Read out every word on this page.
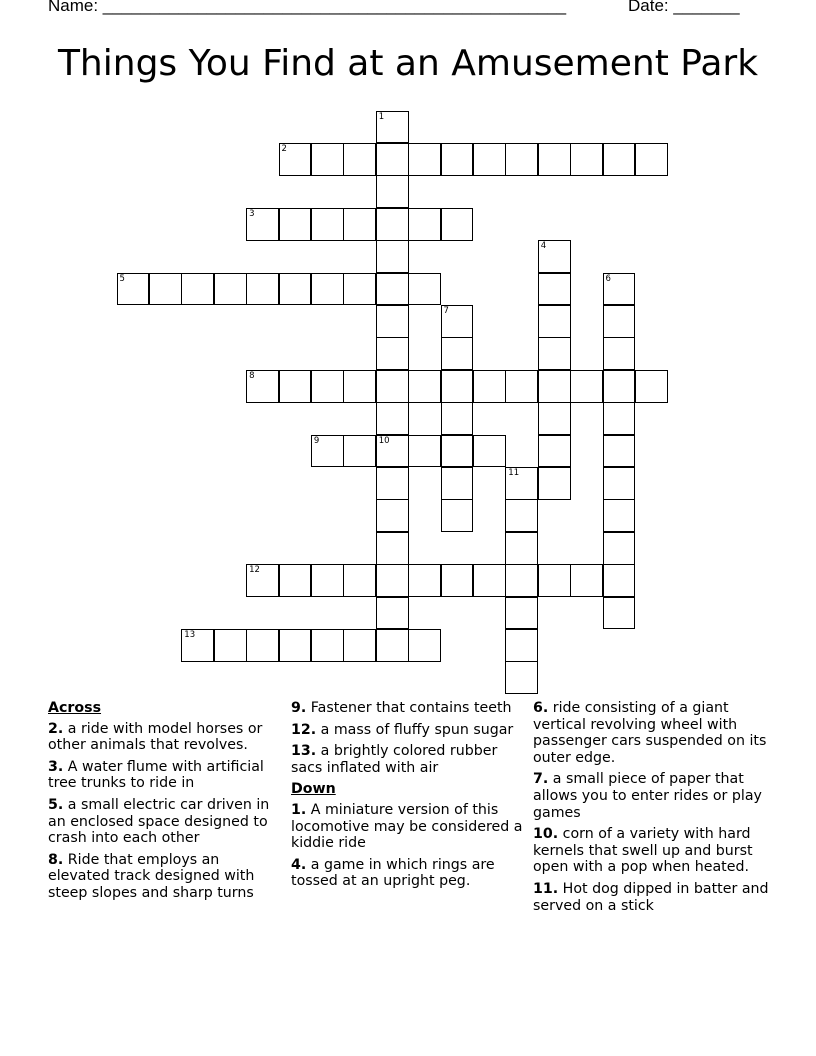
Name: _________________________________________________	Date: _______
Things You Find at an Amusement Park
1
10
2
3
4
5	6
7
8
9
11
12
13
Across
2. a ride with model horses or other animals that revolves.
3. A water flume with artificial tree trunks to ride in
5. a small electric car driven in an enclosed space designed to crash into each other
8. Ride that employs an elevated track designed with steep slopes and sharp turns
9. Fastener that contains teeth
12. a mass of fluffy spun sugar
13. a brightly colored rubber sacs inflated with air
Down
1. A miniature version of this locomotive may be considered a kiddie ride
4. a game in which rings are tossed at an upright peg.
6. ride consisting of a giant vertical revolving wheel with passenger cars suspended on its outer edge.
7. a small piece of paper that allows you to enter rides or play games
10. corn of a variety with hard kernels that swell up and burst open with a pop when heated.
11. Hot dog dipped in batter and served on a stick
